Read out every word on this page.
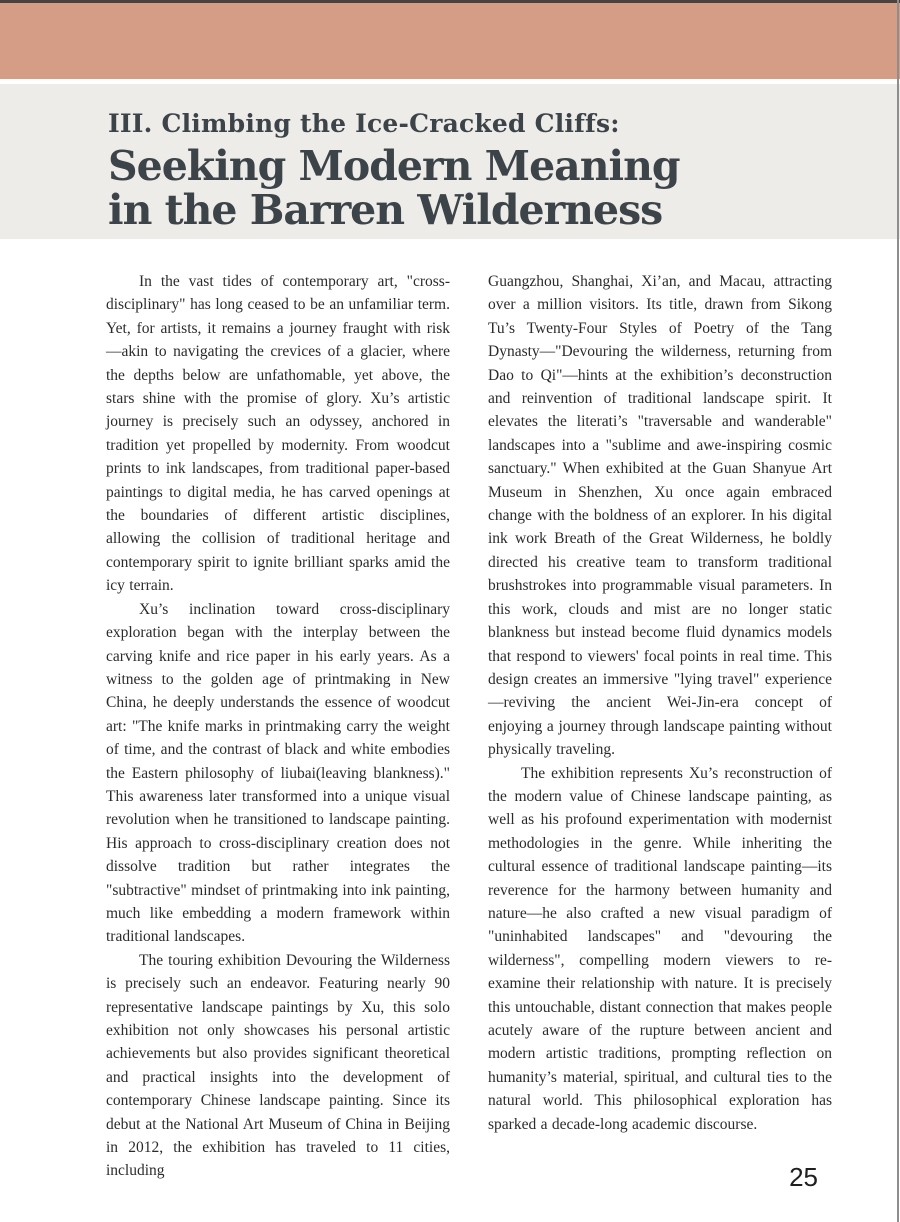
III. Climbing the Ice-Cracked Cliffs:
Seeking Modern Meaning
in the Barren Wilderness

In the vast tides of contemporary art, "cross-disciplinary" has long ceased to be an unfamiliar term. Yet, for artists, it remains a journey fraught with risk—akin to navigating the crevices of a glacier, where the depths below are unfathomable, yet above, the stars shine with the promise of glory. Xu’s artistic journey is precisely such an odyssey, anchored in tradition yet propelled by modernity. From woodcut prints to ink landscapes, from traditional paper-based paintings to digital media, he has carved openings at the boundaries of different artistic disciplines, allowing the collision of traditional heritage and contemporary spirit to ignite brilliant sparks amid the icy terrain.

Xu’s inclination toward cross-disciplinary exploration began with the interplay between the carving knife and rice paper in his early years. As a witness to the golden age of printmaking in New China, he deeply understands the essence of woodcut art: "The knife marks in printmaking carry the weight of time, and the contrast of black and white embodies the Eastern philosophy of liubai(leaving blankness)." This awareness later transformed into a unique visual revolution when he transitioned to landscape painting. His approach to cross-disciplinary creation does not dissolve tradition but rather integrates the "subtractive" mindset of printmaking into ink painting, much like embedding a modern framework within traditional landscapes.

The touring exhibition Devouring the Wilderness is precisely such an endeavor. Featuring nearly 90 representative landscape paintings by Xu, this solo exhibition not only showcases his personal artistic achievements but also provides significant theoretical and practical insights into the development of contemporary Chinese landscape painting. Since its debut at the National Art Museum of China in Beijing in 2012, the exhibition has traveled to 11 cities, including

Guangzhou, Shanghai, Xi’an, and Macau, attracting over a million visitors. Its title, drawn from Sikong Tu’s Twenty-Four Styles of Poetry of the Tang Dynasty—"Devouring the wilderness, returning from Dao to Qi"—hints at the exhibition’s deconstruction and reinvention of traditional landscape spirit. It elevates the literati’s "traversable and wanderable" landscapes into a "sublime and awe-inspiring cosmic sanctuary." When exhibited at the Guan Shanyue Art Museum in Shenzhen, Xu once again embraced change with the boldness of an explorer. In his digital ink work Breath of the Great Wilderness, he boldly directed his creative team to transform traditional brushstrokes into programmable visual parameters. In this work, clouds and mist are no longer static blankness but instead become fluid dynamics models that respond to viewers' focal points in real time. This design creates an immersive "lying travel" experience—reviving the ancient Wei-Jin-era concept of enjoying a journey through landscape painting without physically traveling.

The exhibition represents Xu’s reconstruction of the modern value of Chinese landscape painting, as well as his profound experimentation with modernist methodologies in the genre. While inheriting the cultural essence of traditional landscape painting—its reverence for the harmony between humanity and nature—he also crafted a new visual paradigm of "uninhabited landscapes" and "devouring the wilderness", compelling modern viewers to re-examine their relationship with nature. It is precisely this untouchable, distant connection that makes people acutely aware of the rupture between ancient and modern artistic traditions, prompting reflection on humanity’s material, spiritual, and cultural ties to the natural world. This philosophical exploration has sparked a decade-long academic discourse.

25
